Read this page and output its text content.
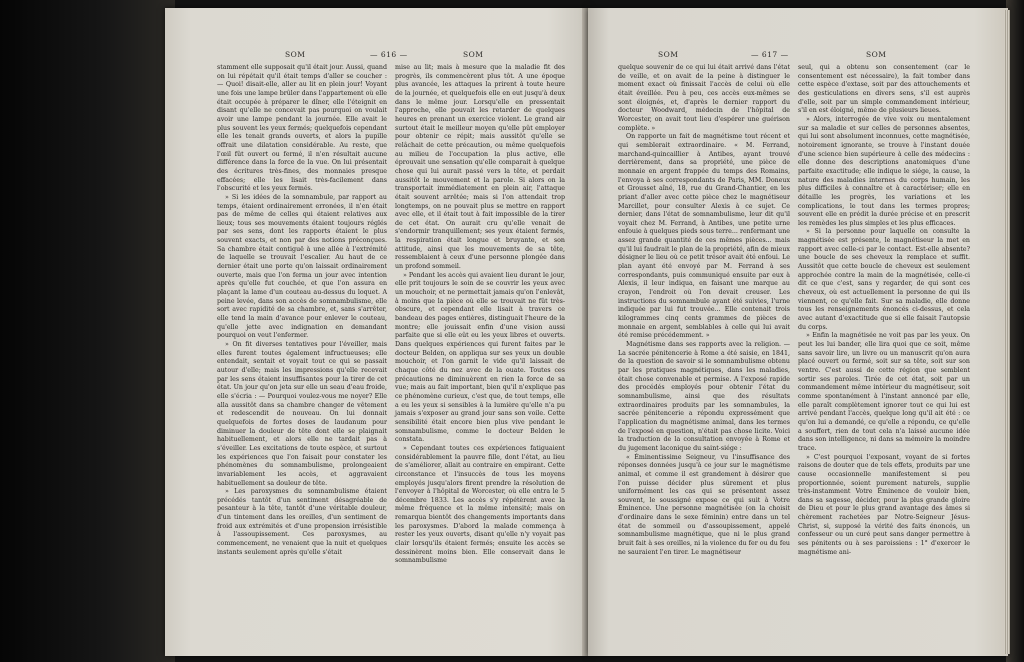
SOM	— 616 —	SOM

stamment elle supposait qu'il était jour. Aussi, quand on lui répétait qu'il était temps d'aller se coucher : — Quoi! disait-elle, aller au lit en plein jour! Voyant une fois une lampe brûler dans l'appartement où elle était occupée à préparer le dîner, elle l'éteignit en disant qu'elle ne concevait pas pourquoi on voulait avoir une lampe pendant la journée. Elle avait le plus souvent les yeux fermés; quelquefois cependant elle les tenait grands ouverts, et alors la pupille offrait une dilatation considérable. Au reste, que l'œil fût ouvert ou fermé, il n'en résultait aucune différence dans la force de la vue. On lui présentait des écritures très-fines, des monnaies presque effacées; elle les lisait très-facilement dans l'obscurité et les yeux fermés.

» Si les idées de la somnambule, par rapport au temps, étaient ordinairement erronées, il n'en était pas de même de celles qui étaient relatives aux lieux; tous ses mouvements étaient toujours réglés par ses sens, dont les rapports étaient le plus souvent exacts, et non par des notions préconçues. Sa chambre était contiguë à une allée à l'extrémité de laquelle se trouvait l'escalier. Au haut de ce dernier était une porte qu'on laissait ordinairement ouverte, mais que l'on ferma un jour avec intention après qu'elle fut couchée, et que l'on assura en plaçant la lame d'un couteau au-dessus du loquet. A peine levée, dans son accès de somnambulisme, elle sort avec rapidité de sa chambre, et, sans s'arrêter, elle tend la main d'avance pour enlever le couteau, qu'elle jette avec indignation en demandant pourquoi on veut l'enfermer.

» On fit diverses tentatives pour l'éveiller, mais elles furent toutes également infructueuses; elle entendait, sentait et voyait tout ce qui se passait autour d'elle; mais les impressions qu'elle recevait par les sens étaient insuffisantes pour la tirer de cet état. Un jour qu'on jeta sur elle un seau d'eau froide, elle s'écria : — Pourquoi voulez-vous me noyer? Elle alla aussitôt dans sa chambre changer de vêtement et redescendit de nouveau. On lui donnait quelquefois de fortes doses de laudanum pour diminuer la douleur de tête dont elle se plaignait habituellement, et alors elle ne tardait pas à s'éveiller. Les excitations de toute espèce, et surtout les expériences que l'on faisait pour constater les phénomènes du somnambulisme, prolongeaient invariablement les accès, et aggravaient habituellement sa douleur de tête.

» Les paroxysmes du somnambulisme étaient précédés tantôt d'un sentiment désagréable de pesanteur à la tête, tantôt d'une véritable douleur, d'un tintement dans les oreilles, d'un sentiment de froid aux extrémités et d'une propension irrésistible à l'assoupissement. Ces paroxysmes, au commencement, ne venaient que la nuit et quelques instants seulement après qu'elle s'était

mise au lit; mais à mesure que la maladie fit des progrès, ils commencèrent plus tôt. A une époque plus avancée, les attaques la prirent à toute heure de la journée, et quelquefois elle en eut jusqu'à deux dans le même jour. Lorsqu'elle en pressentait l'approche, elle pouvait les retarder de quelques heures en prenant un exercice violent. Le grand air surtout était le meilleur moyen qu'elle pût employer pour obtenir ce répit; mais aussitôt qu'elle se relâchait de cette précaution, ou même quelquefois au milieu de l'occupation la plus active, elle éprouvait une sensation qu'elle comparait à quelque chose qui lui aurait passé vers la tête, et perdait aussitôt le mouvement et la parole. Si alors on la transportait immédiatement en plein air, l'attaque était souvent arrêtée; mais si l'on attendait trop longtemps, on ne pouvait plus se mettre en rapport avec elle, et il était tout à fait impossible de la tirer de cet état. On aurait cru qu'elle venait de s'endormir tranquillement; ses yeux étaient fermés, la respiration était longue et bruyante, et son attitude, ainsi que les mouvements de sa tête, ressemblaient à ceux d'une personne plongée dans un profond sommeil.

» Pendant les accès qui avaient lieu durant le jour, elle prit toujours le soin de se couvrir les yeux avec un mouchoir, et ne permettait jamais qu'on l'enlevât, à moins que la pièce où elle se trouvait ne fût très-obscure, et cependant elle lisait à travers ce bandeau des pages entières, distinguait l'heure de la montre; elle jouissait enfin d'une vision aussi parfaite que si elle eût eu les yeux libres et ouverts. Dans quelques expériences qui furent faites par le docteur Belden, on appliqua sur ses yeux un double mouchoir, et l'on garnit le vide qu'il laissait de chaque côté du nez avec de la ouate. Toutes ces précautions ne diminuèrent en rien la force de sa vue; mais au fait important, bien qu'il n'explique pas ce phénomène curieux, c'est que, de tout temps, elle a eu les yeux si sensibles à la lumière qu'elle n'a pu jamais s'exposer au grand jour sans son voile. Cette sensibilité était encore bien plus vive pendant le somnambulisme, comme le docteur Belden le constata.

» Cependant toutes ces expériences fatiguaient considérablement la pauvre fille, dont l'état, au lieu de s'améliorer, allait au contraire en empirant. Cette circonstance et l'insuccès de tous les moyens employés jusqu'alors firent prendre la résolution de l'envoyer à l'hôpital de Worcester, où elle entra le 5 décembre 1833. Les accès s'y répétèrent avec la même fréquence et la même intensité; mais on remarqua bientôt des changements importants dans les paroxysmes. D'abord la malade commença à rester les yeux ouverts, disant qu'elle n'y voyait pas clair lorsqu'ils étaient fermés; ensuite les accès se dessinèrent moins bien. Elle conservait dans le somnambulisme

SOM	— 617 —	SOM

quelque souvenir de ce qui lui était arrivé dans l'état de veille, et on avait de la peine à distinguer le moment exact où finissait l'accès de celui où elle était éveillée. Peu à peu, ces accès eux-mêmes se sont éloignés, et, d'après le dernier rapport du docteur Woodward, médecin de l'hôpital de Worcester, on avait tout lieu d'espérer une guérison complète. »

On rapporte un fait de magnétisme tout récent et qui semblerait extraordinaire. « M. Ferrand, marchand-quincaillier à Antibes, ayant trouvé derrièrement, dans sa propriété, une pièce de monnaie en argent frappée du temps des Romains, l'envoya à ses correspondants de Paris, MM. Doneux et Grousset aîné, 18, rue du Grand-Chantier, en les priant d'aller avec cette pièce chez le magnétiseur Marcillet, pour consulter Alexis à ce sujet. Ce dernier, dans l'état de somnambulisme, leur dit qu'il voyait chez M. Ferrand, à Antibes, une petite urne enfouie à quelques pieds sous terre... renfermant une assez grande quantité de ces mêmes pièces... mais qu'il lui faudrait le plan de la propriété, afin de mieux désigner le lieu où ce petit trésor avait été enfoui. Le plan ayant été envoyé par M. Ferrand à ses correspondants, puis communiqué ensuite par eux à Alexis, il leur indiqua, en faisant une marque au crayon, l'endroit où l'on devait creuser. Les instructions du somnambule ayant été suivies, l'urne indiquée par lui fut trouvée... Elle contenait trois kilogrammes cinq cents grammes de pièces de monnaie en argent, semblables à celle qui lui avait été remise précédemment. »

Magnétisme dans ses rapports avec la religion. — La sacrée pénitencerie à Rome a été saisie, en 1841, de la question de savoir si le somnambulisme obtenu par les pratiques magnétiques, dans les maladies, était chose convenable et permise. A l'exposé rapide des procédés employés pour obtenir l'état du somnambulisme, ainsi que des résultats extraordinaires produits par les somnambules, la sacrée pénitencerie a répondu expressément que l'application du magnétisme animal, dans les termes de l'exposé en question, n'était pas chose licite. Voici la traduction de la consultation envoyée à Rome et du jugement laconique du saint-siége :

« Éminentissime Seigneur, vu l'insuffisance des réponses données jusqu'à ce jour sur le magnétisme animal, et comme il est grandement à désirer que l'on puisse décider plus sûrement et plus uniformément les cas qui se présentent assez souvent, le soussigné expose ce qui suit à Votre Éminence. Une personne magnétisée (on la choisit d'ordinaire dans le sexe féminin) entre dans un tel état de sommeil ou d'assoupissement, appelé somnambulisme magnétique, que ni le plus grand bruit fait à ses oreilles, ni la violence du fer ou du feu ne sauraient l'en tirer. Le magnétiseur

seul, qui a obtenu son consentement (car le consentement est nécessaire), la fait tomber dans cette espèce d'extase, soit par des attouchements et des gesticulations en divers sens, s'il est auprès d'elle, soit par un simple commandement intérieur, s'il en est éloigné, même de plusieurs lieues.

» Alors, interrogée de vive voix ou mentalement sur sa maladie et sur celles de personnes absentes, qui lui sont absolument inconnues, cette magnétisée, notoirement ignorante, se trouve à l'instant douée d'une science bien supérieure à celle des médecins : elle donne des descriptions anatomiques d'une parfaite exactitude; elle indique le siége, la cause, la nature des maladies internes du corps humain, les plus difficiles à connaître et à caractériser; elle en détaille les progrès, les variations et les complications, le tout dans les termes propres; souvent elle en prédit la durée précise et en prescrit les remèdes les plus simples et les plus efficaces.

» Si la personne pour laquelle on consulte la magnétisée est présente, le magnétiseur la met en rapport avec celle-ci par le contact. Est-elle absente? une boucle de ses cheveux la remplace et suffit. Aussitôt que cette boucle de cheveux est seulement approchée contre la main de la magnétisée, celle-ci dit ce que c'est, sans y regarder, de qui sont ces cheveux, où est actuellement la personne de qui ils viennent, ce qu'elle fait. Sur sa maladie, elle donne tous les renseignements énoncés ci-dessus, et cela avec autant d'exactitude que si elle faisait l'autopsie du corps.

» Enfin la magnétisée ne voit pas par les yeux. On peut les lui bander, elle lira quoi que ce soit, même sans savoir lire, un livre ou un manuscrit qu'on aura placé ouvert ou fermé, soit sur sa tête, soit sur son ventre. C'est aussi de cette région que semblent sortir ses paroles. Tirée de cet état, soit par un commandement même intérieur du magnétiseur, soit comme spontanément à l'instant annoncé par elle, elle paraît complètement ignorer tout ce qui lui est arrivé pendant l'accès, quelque long qu'il ait été : ce qu'on lui a demandé, ce qu'elle a répondu, ce qu'elle a souffert, rien de tout cela n'a laissé aucune idée dans son intelligence, ni dans sa mémoire la moindre trace.

» C'est pourquoi l'exposant, voyant de si fortes raisons de douter que de tels effets, produits par une cause occasionnelle manifestement si peu proportionnée, soient purement naturels, supplie très-instamment Votre Éminence de vouloir bien, dans sa sagesse, décider, pour la plus grande gloire de Dieu et pour le plus grand avantage des âmes si chèrement rachetées par Notre-Seigneur Jésus-Christ, si, supposé la vérité des faits énoncés, un confesseur ou un curé peut sans danger permettre à ses pénitents ou à ses paroissiens : 1° d'exercer le magnétisme ani-
